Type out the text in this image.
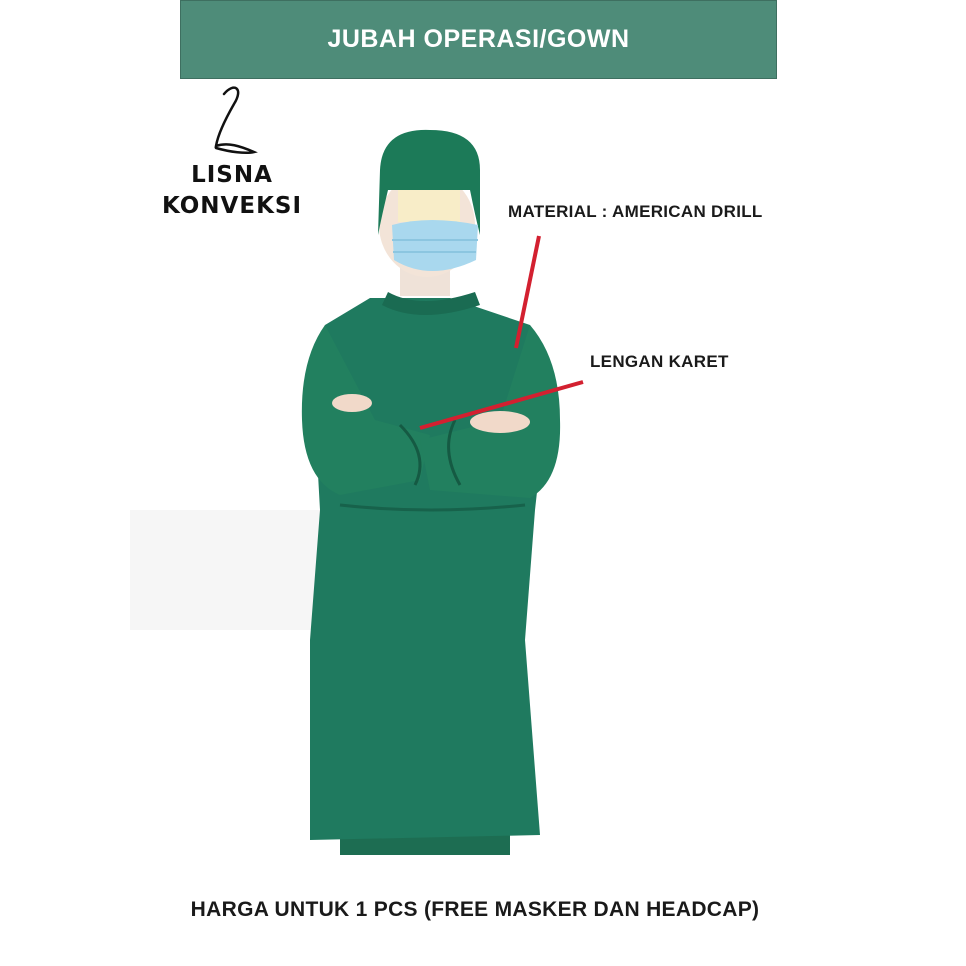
JUBAH OPERASI/GOWN
LISNA
KONVEKSI	MATERIAL : AMERICAN DRILL
LENGAN KARET
HARGA UNTUK 1 PCS (FREE MASKER DAN HEADCAP)
